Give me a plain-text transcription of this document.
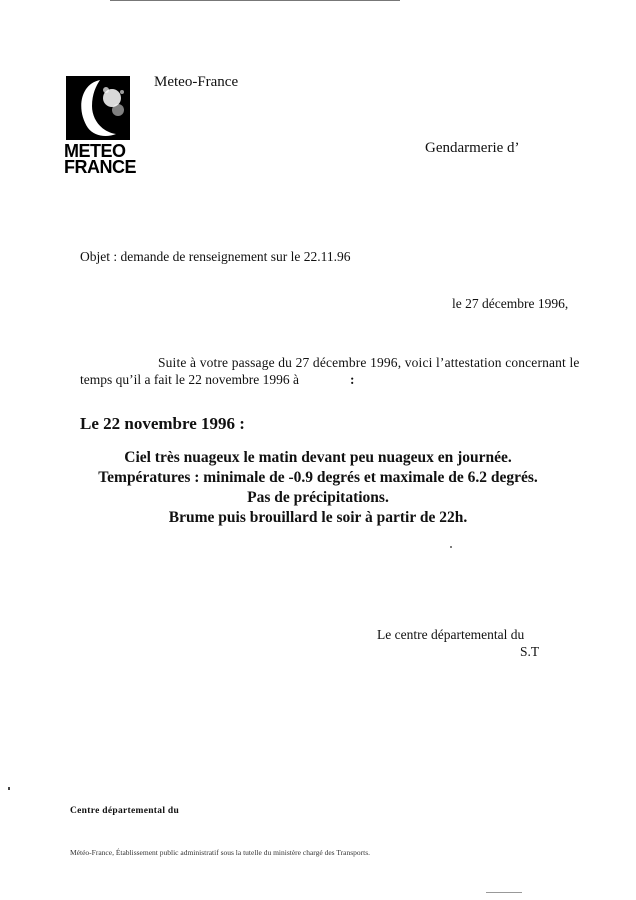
METEO
FRANCE
Meteo-France
Gendarmerie d’
Objet : demande de renseignement sur le 22.11.96
le 27 décembre 1996,
Suite à votre passage du 27 décembre 1996, voici l’attestation concernant le
temps qu’il a fait le 22 novembre 1996 à	:
Le 22 novembre 1996 :
Ciel très nuageux le matin devant peu nuageux en journée.
Températures : minimale de -0.9 degrés et maximale de 6.2 degrés.
Pas de précipitations.
Brume puis brouillard le soir à partir de 22h.
Le centre départemental du
S.T
Centre départemental du
Météo-France, Établissement public administratif sous la tutelle du ministère chargé des Transports.
